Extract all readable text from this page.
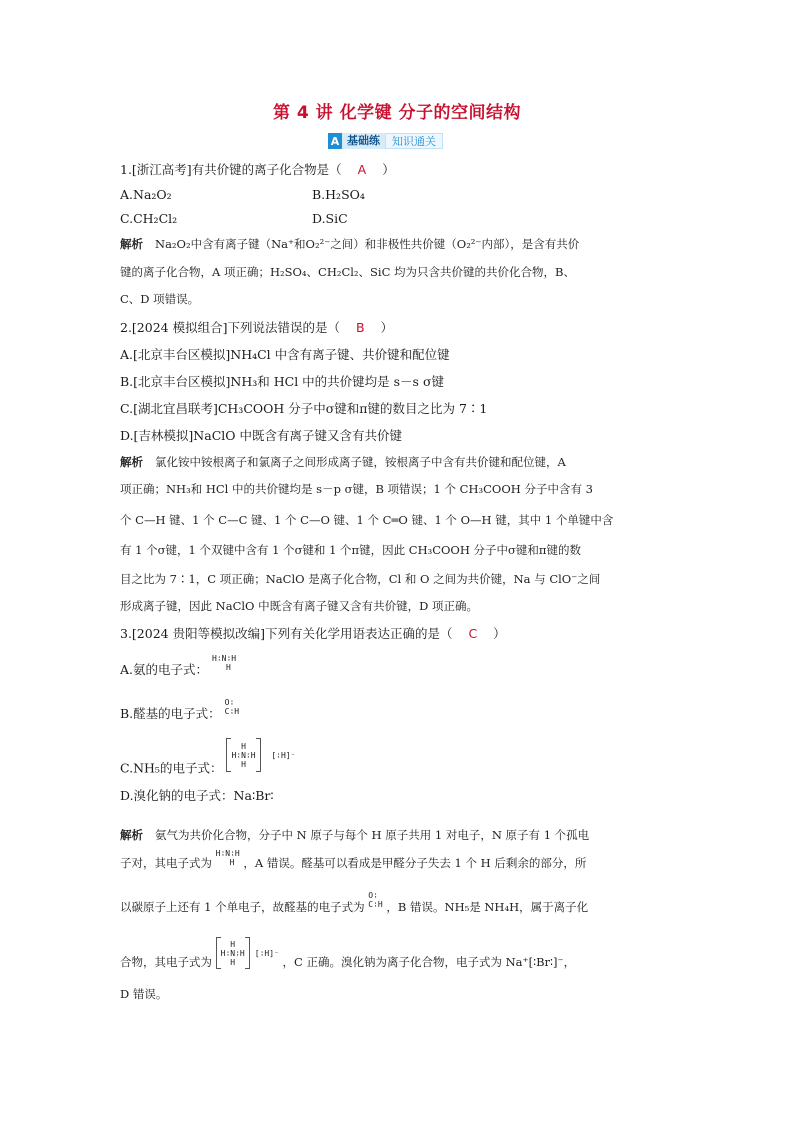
第 4 讲 化学键 分子的空间结构
A 基础练	知识通关
1.[浙江高考]有共价键的离子化合物是（ A ）
A.Na₂O₂	B.H₂SO₄
C.CH₂Cl₂	D.SiC
解析 Na₂O₂中含有离子键（Na⁺和O₂²⁻之间）和非极性共价键（O₂²⁻内部），是含有共价
键的离子化合物，A 项正确；H₂SO₄、CH₂Cl₂、SiC 均为只含共价键的共价化合物，B、
C、D 项错误。
2.[2024 模拟组合]下列说法错误的是（ B ）
A.[北京丰台区模拟]NH₄Cl 中含有离子键、共价键和配位键
B.[北京丰台区模拟]NH₃和 HCl 中的共价键均是 s－s σ键
C.[湖北宜昌联考]CH₃COOH 分子中σ键和π键的数目之比为 7∶1
D.[吉林模拟]NaClO 中既含有离子键又含有共价键
解析 氯化铵中铵根离子和氯离子之间形成离子键，铵根离子中含有共价键和配位键，A
项正确；NH₃和 HCl 中的共价键均是 s－p σ键，B 项错误；1 个 CH₃COOH 分子中含有 3
个 C—H 键、1 个 C—C 键、1 个 C—O 键、1 个 C═O 键、1 个 O—H 键，其中 1 个单键中含
有 1 个σ键，1 个双键中含有 1 个σ键和 1 个π键，因此 CH₃COOH 分子中σ键和π键的数
目之比为 7∶1，C 项正确；NaClO 是离子化合物，Cl 和 O 之间为共价键，Na 与 ClO⁻之间
形成离子键，因此 NaClO 中既含有离子键又含有共价键，D 项正确。
3.[2024 贵阳等模拟改编]下列有关化学用语表达正确的是（ C ）
A.氨的电子式：
H∶N∶H
H
B.醛基的电子式：
O∶
C∶H
C.NH₅的电子式：
H
H∶N∶H
H
[∶H]⁻
D.溴化钠的电子式：Na∶Br∶
解析 氨气为共价化合物，分子中 N 原子与每个 H 原子共用 1 对电子，N 原子有 1 个孤电
子对，其电子式为
H∶N∶H
H ，A 错误。醛基可以看成是甲醛分子失去 1 个 H 后剩余的部分，所
以碳原子上还有 1 个单电子，故醛基的电子式为
O∶
C∶H ，B 错误。NH₅是 NH₄H，属于离子化
合物，其电子式为
H
H∶N∶H
H
[∶H]⁻ ，C 正确。溴化钠为离子化合物，电子式为 Na⁺[∶Br∶]⁻，
D 错误。
